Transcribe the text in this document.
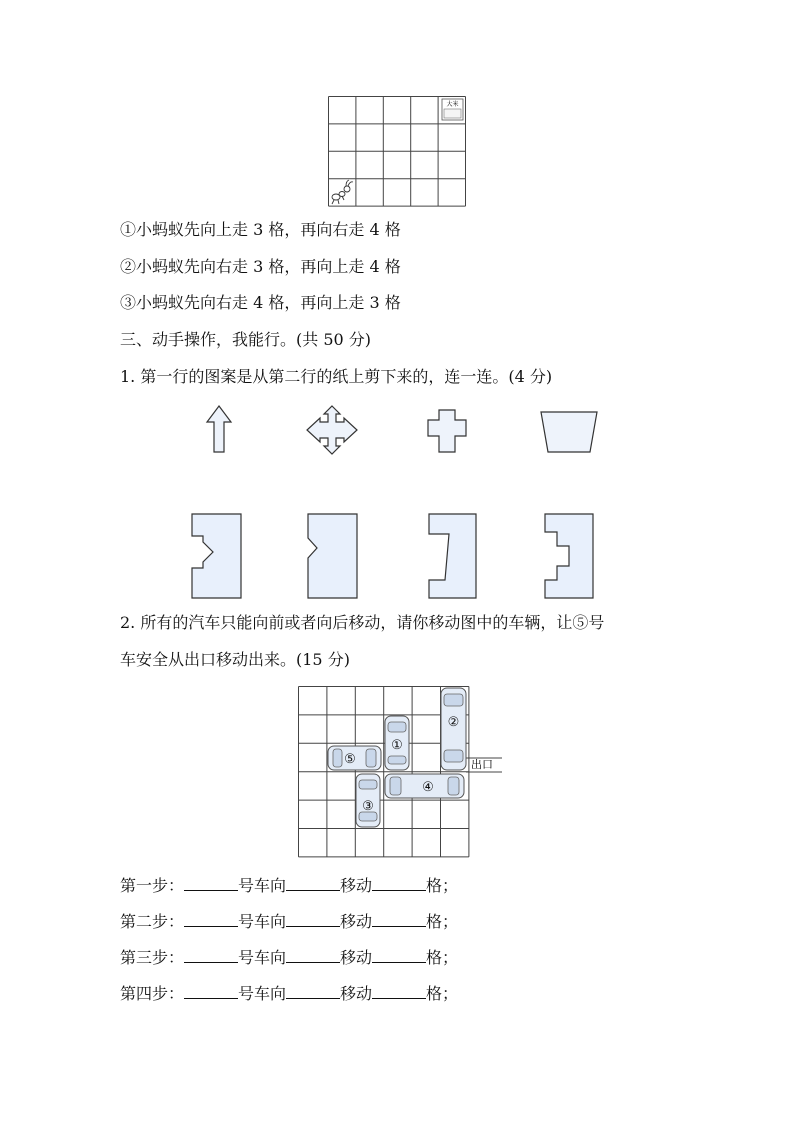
大米
①小蚂蚁先向上走 3 格，再向右走 4 格
②小蚂蚁先向右走 3 格，再向上走 4 格
③小蚂蚁先向右走 4 格，再向上走 3 格
三、动手操作，我能行。(共 50 分)
1. 第一行的图案是从第二行的纸上剪下来的，连一连。(4 分)
2. 所有的汽车只能向前或者向后移动，请你移动图中的车辆，让⑤号
车安全从出口移动出来。(15 分)
出口
①
②
⑤
④
③
第一步：	号车向	移动	格；
第二步：	号车向	移动	格；
第三步：	号车向	移动	格；
第四步：	号车向	移动	格；
